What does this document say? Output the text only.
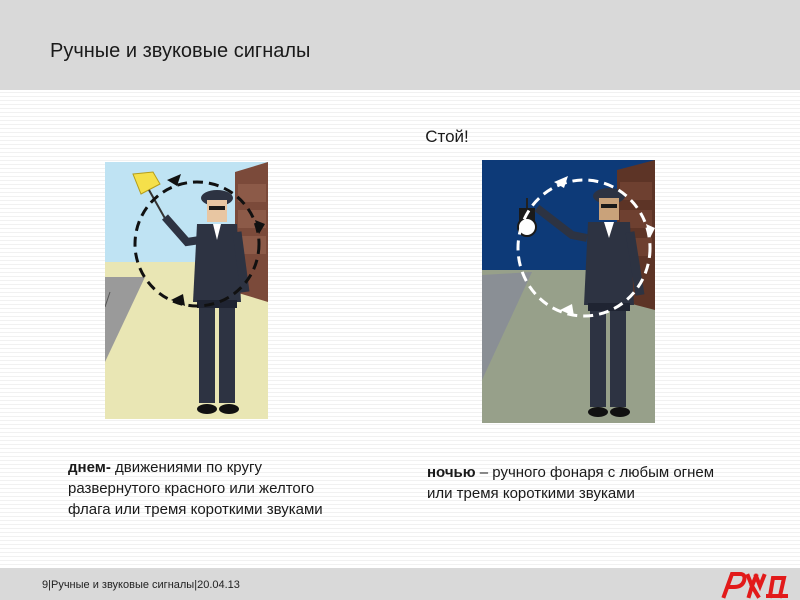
Ручные и звуковые сигналы
Стой!
днем- движениями по кругу развернутого красного или желтого флага или тремя короткими звуками
ночью – ручного фонаря с любым огнем или тремя короткими звуками
9|Ручные и звуковые сигналы|20.04.13
